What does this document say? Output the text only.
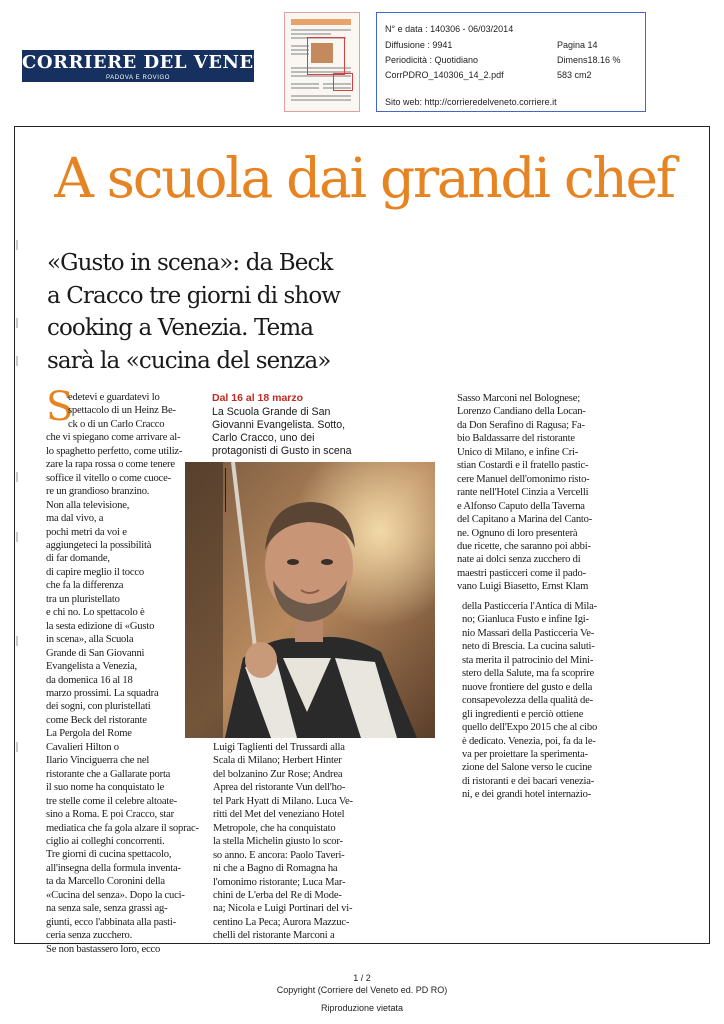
CORRIERE DEL VENETO
PADOVA E ROVIGO
N° e data : 140306 - 06/03/2014
Diffusione : 9941	Pagina 14
Periodicità : Quotidiano	Dimens18.16 %
CorrPDRO_140306_14_2.pdf	583 cm2
Sito web: http://corrieredelveneto.corriere.it
A scuola dai grandi chef
«Gusto in scena»: da Beck
a Cracco tre giorni di show
cooking a Venezia. Tema
sarà la «cucina del senza»
S
edetevi e guardatevi lo
spettacolo di un Heinz Be-
ck o di un Carlo Cracco
che vi spiegano come arrivare al-
lo spaghetto perfetto, come utiliz-
zare la rapa rossa o come tenere
soffice il vitello o come cuoce-
re un grandioso branzino.
Non alla televisione,
ma dal vivo, a
pochi metri da voi e
aggiungeteci la possibilità
di far domande,
di capire meglio il tocco
che fa la differenza
tra un pluristellato
e chi no. Lo spettacolo è
la sesta edizione di «Gusto
in scena», alla Scuola
Grande di San Giovanni
Evangelista a Venezia,
da domenica 16 al 18
marzo prossimi. La squadra
dei sogni, con pluristellati
come Beck del ristorante
La Pergola del Rome
Cavalieri Hilton o
Ilario Vinciguerra che nel
ristorante che a Gallarate porta
il suo nome ha conquistato le
tre stelle come il celebre altoate-
sino a Roma. E poi Cracco, star
mediatica che fa gola alzare il soprac-
ciglio ai colleghi concorrenti.
Tre giorni di cucina spettacolo,
all'insegna della formula inventa-
ta da Marcello Coronini della
«Cucina del senza». Dopo la cuci-
na senza sale, senza grassi ag-
giunti, ecco l'abbinata alla pasti-
ceria senza zucchero.
Se non bastassero loro, ecco
Dal 16 al 18 marzo
La Scuola Grande di San
Giovanni Evangelista. Sotto,
Carlo Cracco, uno dei
protagonisti di Gusto in scena
Luigi Taglienti del Trussardi alla
Scala di Milano; Herbert Hinter
del bolzanino Zur Rose; Andrea
Aprea del ristorante Vun dell'ho-
tel Park Hyatt di Milano. Luca Ve-
ritti del Met del veneziano Hotel
Metropole, che ha conquistato
la stella Michelin giusto lo scor-
so anno. E ancora: Paolo Taveri-
ni che a Bagno di Romagna ha
l'omonimo ristorante; Luca Mar-
chini de L'erba del Re di Mode-
na; Nicola e Luigi Portinari del vi-
centino La Peca; Aurora Mazzuc-
chelli del ristorante Marconi a
Sasso Marconi nel Bolognese;
Lorenzo Candiano della Locan-
da Don Serafino di Ragusa; Fa-
bio Baldassarre del ristorante
Unico di Milano, e infine Cri-
stian Costardi e il fratello pastic-
cere Manuel dell'omonimo risto-
rante nell'Hotel Cinzia a Vercelli
e Alfonso Caputo della Taverna
del Capitano a Marina del Canto-
ne. Ognuno di loro presenterà
due ricette, che saranno poi abbi-
nate ai dolci senza zucchero di
maestri pasticceri come il pado-
vano Luigi Biasetto, Ernst Klam
della Pasticceria l'Antica di Mila-
no; Gianluca Fusto e infine Igi-
nio Massari della Pasticceria Ve-
neto di Brescia. La cucina saluti-
sta merita il patrocinio del Mini-
stero della Salute, ma fa scoprire
nuove frontiere del gusto e della
consapevolezza della qualità de-
gli ingredienti e perciò ottiene
quello dell'Expo 2015 che al cibo
è dedicato. Venezia, poi, fa da le-
va per proiettare la sperimenta-
zione del Salone verso le cucine
di ristoranti e dei bacari venezia-
ni, e dei grandi hotel internazio-
1 / 2
Copyright (Corriere del Veneto ed. PD RO)
Riproduzione vietata
